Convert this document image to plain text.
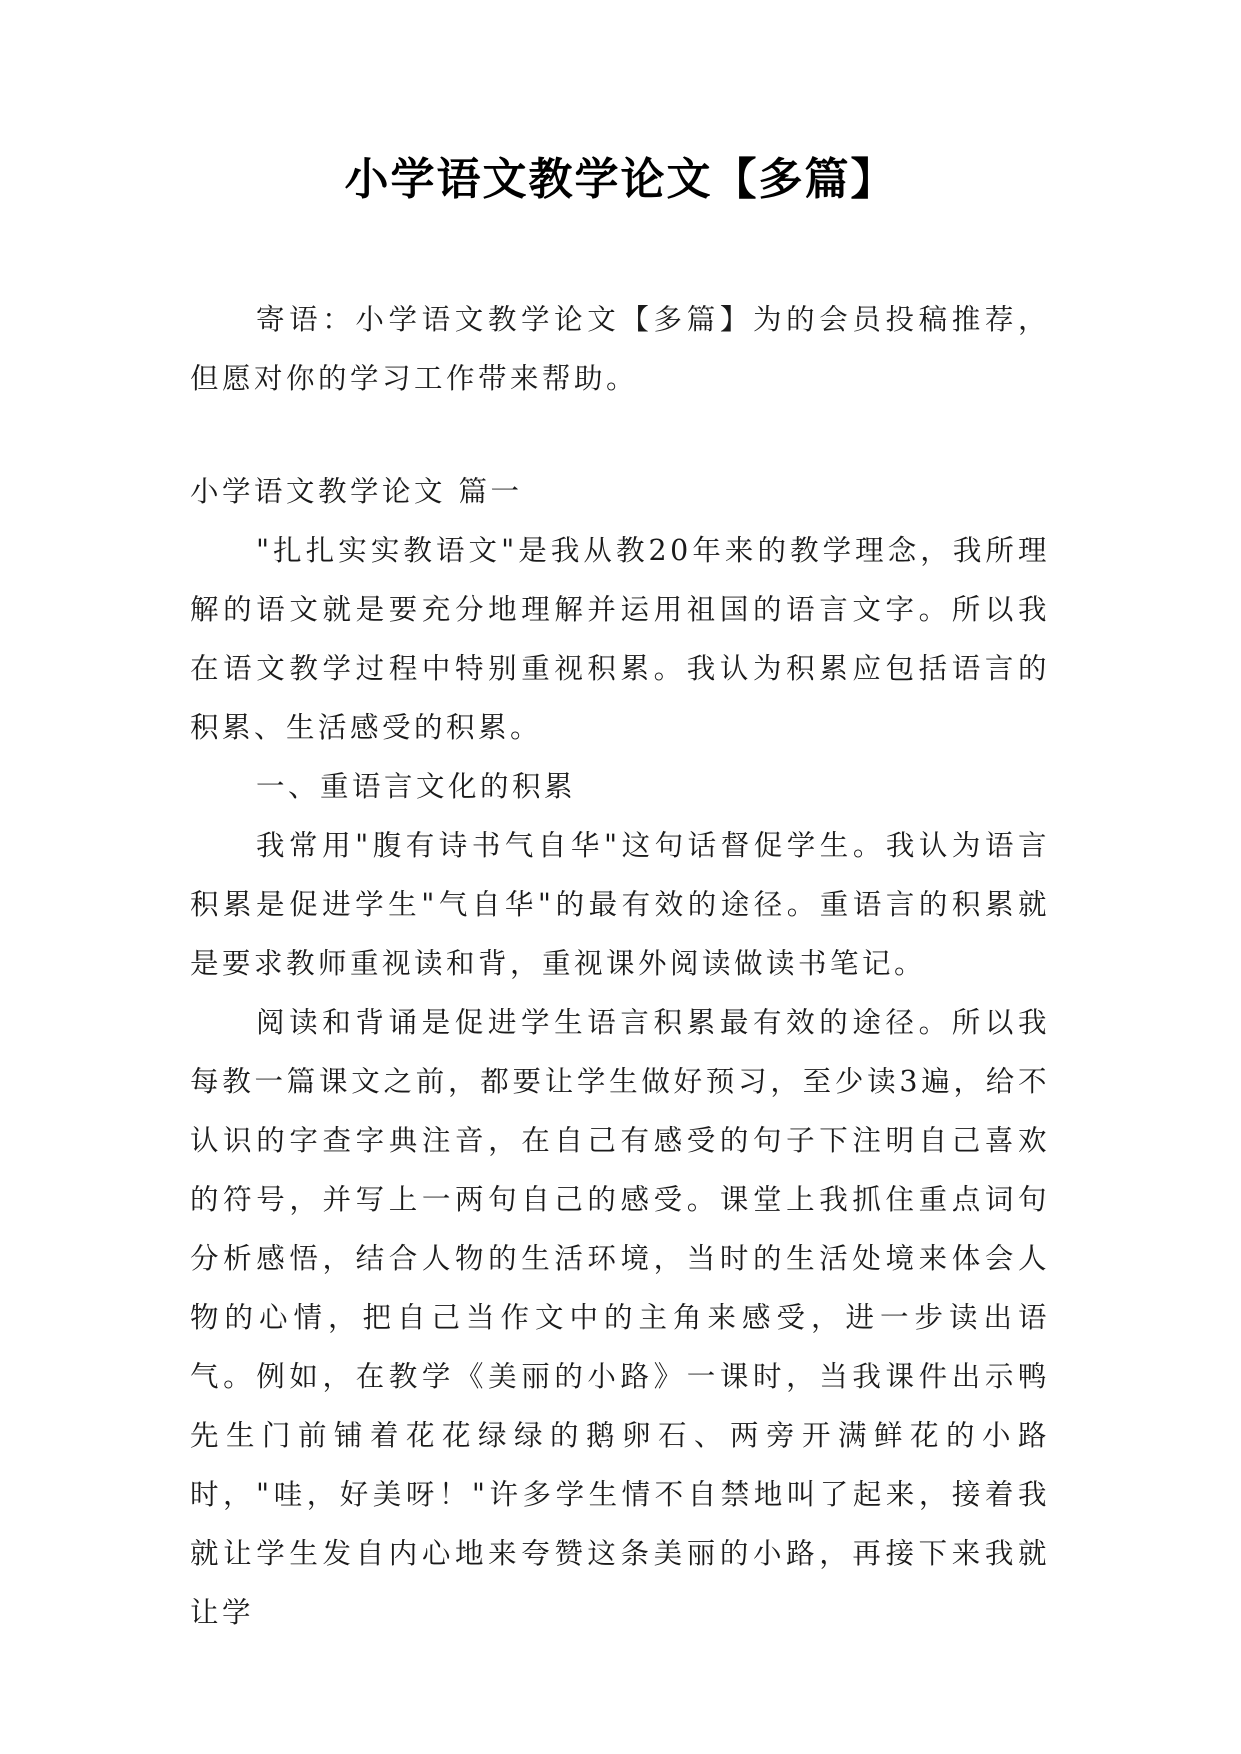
小学语文教学论文【多篇】

寄语：小学语文教学论文【多篇】为的会员投稿推荐，但愿对你的学习工作带来帮助。

小学语文教学论文 篇一

"扎扎实实教语文"是我从教20年来的教学理念，我所理解的语文就是要充分地理解并运用祖国的语言文字。所以我在语文教学过程中特别重视积累。我认为积累应包括语言的积累、生活感受的积累。

一、重语言文化的积累

我常用"腹有诗书气自华"这句话督促学生。我认为语言积累是促进学生"气自华"的最有效的途径。重语言的积累就是要求教师重视读和背，重视课外阅读做读书笔记。

阅读和背诵是促进学生语言积累最有效的途径。所以我每教一篇课文之前，都要让学生做好预习，至少读3遍，给不认识的字查字典注音，在自己有感受的句子下注明自己喜欢的符号，并写上一两句自己的感受。课堂上我抓住重点词句分析感悟，结合人物的生活环境，当时的生活处境来体会人物的心情，把自己当作文中的主角来感受，进一步读出语气。例如，在教学《美丽的小路》一课时，当我课件出示鸭先生门前铺着花花绿绿的鹅卵石、两旁开满鲜花的小路时，"哇，好美呀！"许多学生情不自禁地叫了起来，接着我就让学生发自内心地来夸赞这条美丽的小路，再接下来我就让学
